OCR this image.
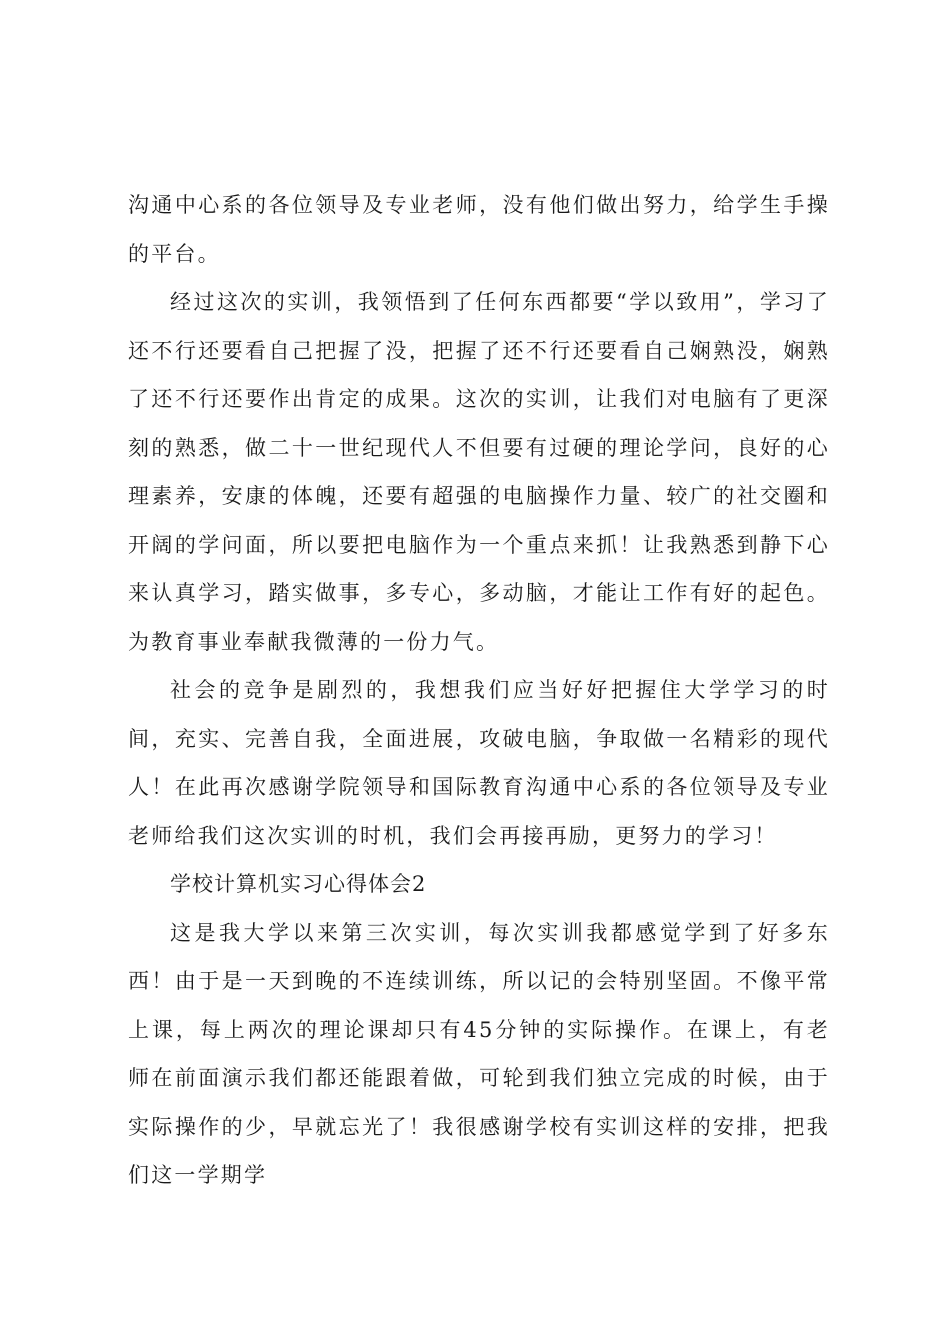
沟通中心系的各位领导及专业老师，没有他们做出努力，给学生手操的平台。

经过这次的实训，我领悟到了任何东西都要“学以致用”，学习了还不行还要看自己把握了没，把握了还不行还要看自己娴熟没，娴熟了还不行还要作出肯定的成果。这次的实训，让我们对电脑有了更深刻的熟悉，做二十一世纪现代人不但要有过硬的理论学问，良好的心理素养，安康的体魄，还要有超强的电脑操作力量、较广的社交圈和开阔的学问面，所以要把电脑作为一个重点来抓！让我熟悉到静下心来认真学习，踏实做事，多专心，多动脑，才能让工作有好的起色。为教育事业奉献我微薄的一份力气。

社会的竞争是剧烈的，我想我们应当好好把握住大学学习的时间，充实、完善自我，全面进展，攻破电脑，争取做一名精彩的现代人！在此再次感谢学院领导和国际教育沟通中心系的各位领导及专业老师给我们这次实训的时机，我们会再接再励，更努力的学习！

学校计算机实习心得体会2

这是我大学以来第三次实训，每次实训我都感觉学到了好多东西！由于是一天到晚的不连续训练，所以记的会特别坚固。不像平常上课，每上两次的理论课却只有45分钟的实际操作。在课上，有老师在前面演示我们都还能跟着做，可轮到我们独立完成的时候，由于实际操作的少，早就忘光了！我很感谢学校有实训这样的安排，把我们这一学期学
